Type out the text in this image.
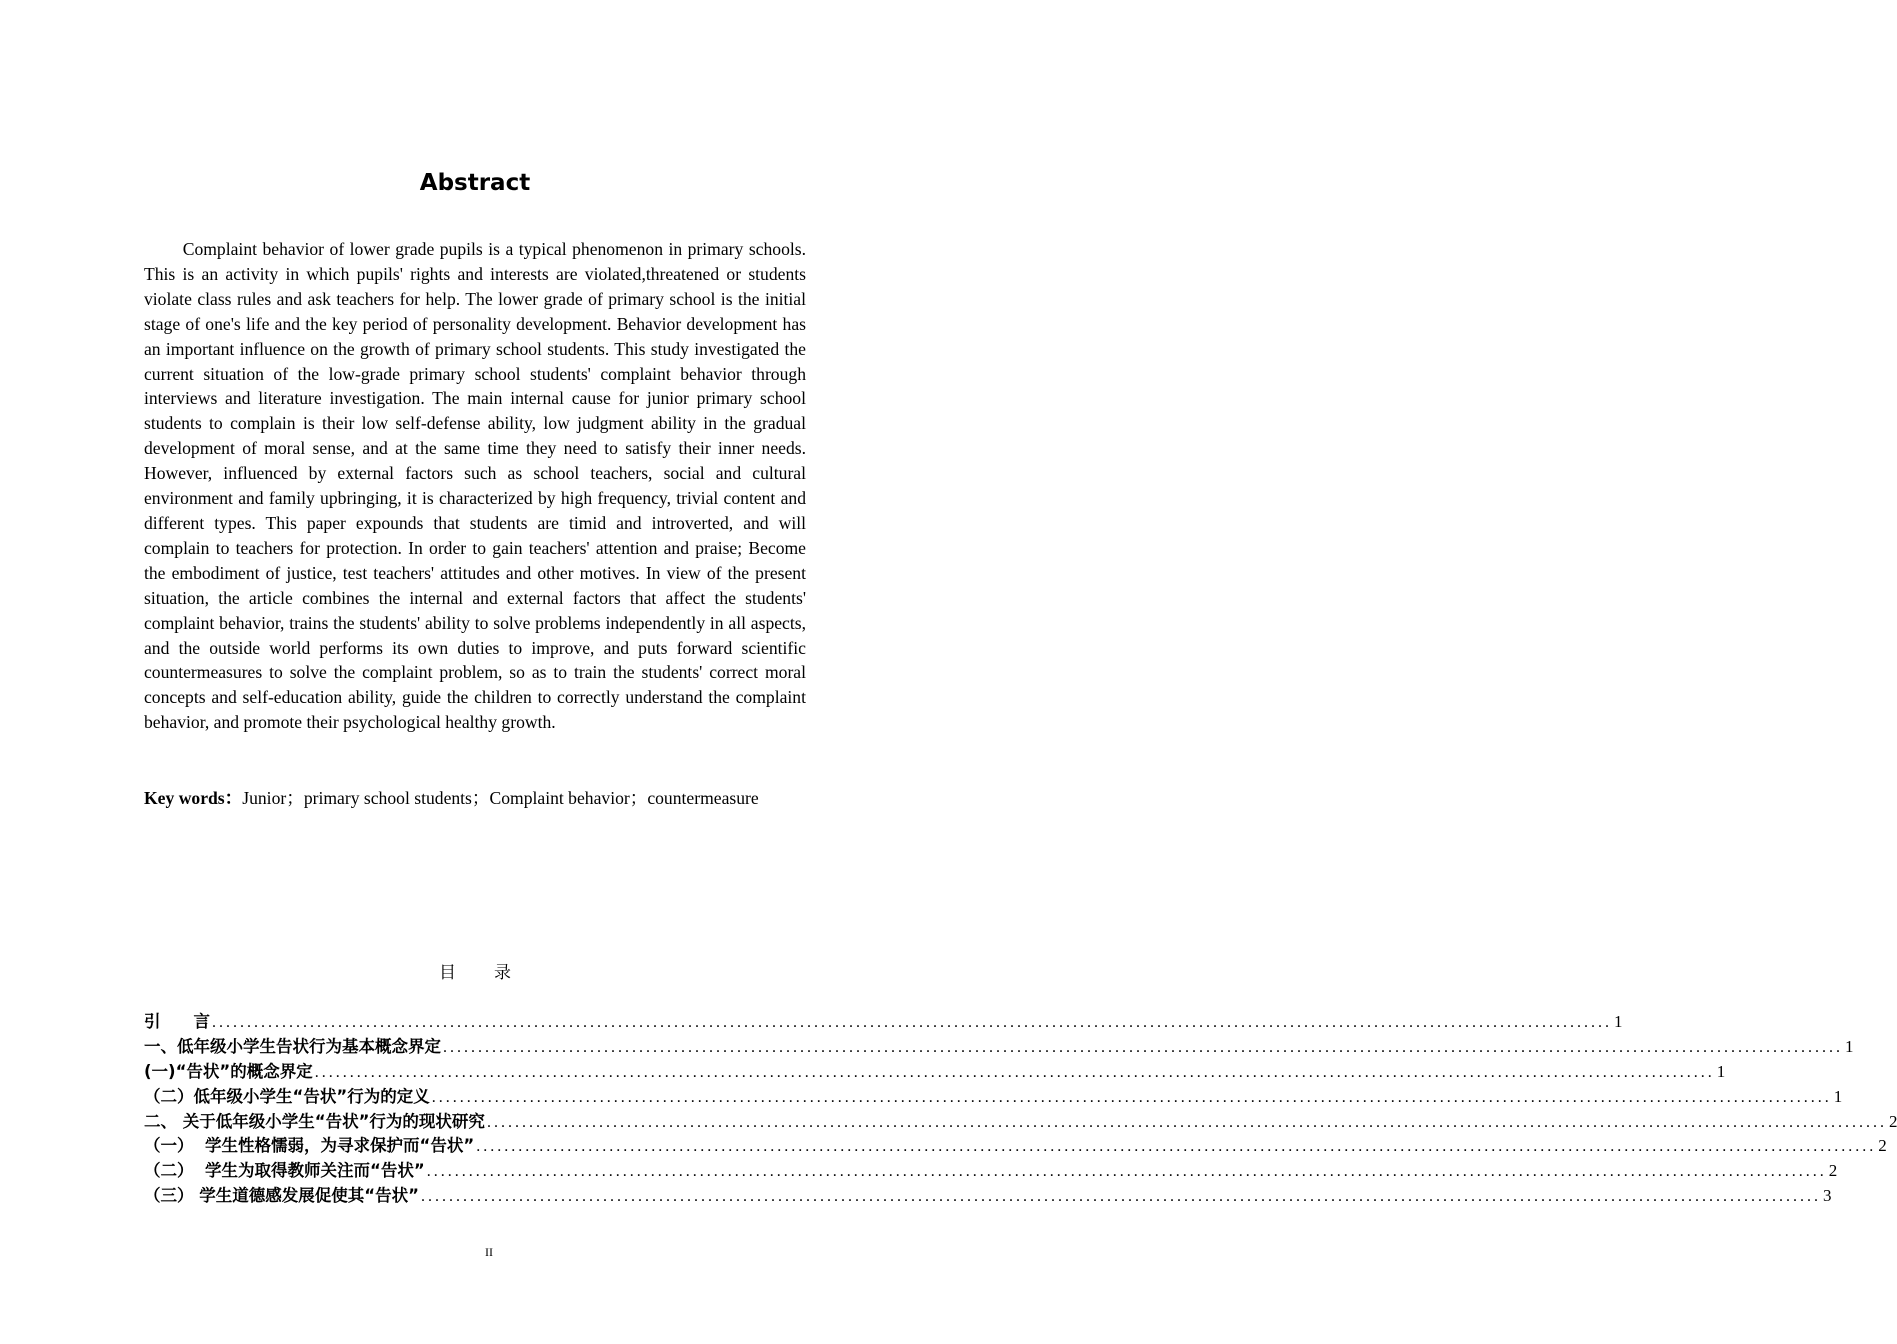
Abstract

Complaint behavior of lower grade pupils is a typical phenomenon in primary schools. This is an activity in which pupils' rights and interests are violated,threatened or students violate class rules and ask teachers for help. The lower grade of primary school is the initial stage of one's life and the key period of personality development. Behavior development has an important influence on the growth of primary school students. This study investigated the current situation of the low-grade primary school students' complaint behavior through interviews and literature investigation. The main internal cause for junior primary school students to complain is their low self-defense ability, low judgment ability in the gradual development of moral sense, and at the same time they need to satisfy their inner needs. However, influenced by external factors such as school teachers, social and cultural environment and family upbringing, it is characterized by high frequency, trivial content and different types. This paper expounds that students are timid and introverted, and will complain to teachers for protection. In order to gain teachers' attention and praise; Become the embodiment of justice, test teachers' attitudes and other motives. In view of the present situation, the article combines the internal and external factors that affect the students' complaint behavior, trains the students' ability to solve problems independently in all aspects, and the outside world performs its own duties to improve, and puts forward scientific countermeasures to solve the complaint problem, so as to train the students' correct moral concepts and self-education ability, guide the children to correctly understand the complaint behavior, and promote their psychological healthy growth.

Key words：Junior；primary school students；Complaint behavior；countermeasure
目 录
引　　言 ........................................................................................................................................................................................................ 1
一、低年级小学生告状行为基本概念界定 ........................................................................................................................................................................................................ 1
(一)“告状”的概念界定 ........................................................................................................................................................................................................ 1
（二）低年级小学生“告状”行为的定义 ........................................................................................................................................................................................................ 1
二、 关于低年级小学生“告状”行为的现状研究 ........................................................................................................................................................................................................ 2
（一）  学生性格懦弱，为寻求保护而“告状” ........................................................................................................................................................................................................ 2
（二）  学生为取得教师关注而“告状” ........................................................................................................................................................................................................ 2
（三） 学生道德感发展促使其“告状” ........................................................................................................................................................................................................ 3
II
